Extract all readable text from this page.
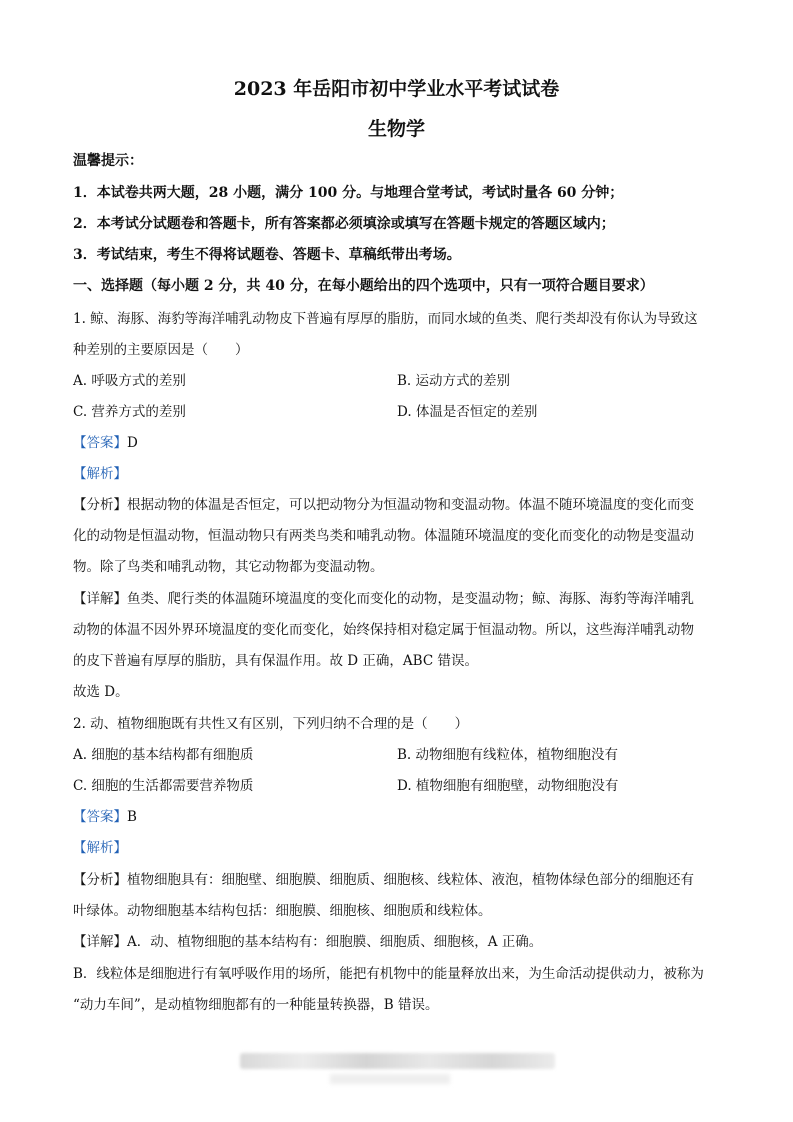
2023 年岳阳市初中学业水平考试试卷
生物学
温馨提示：
1．本试卷共两大题，28 小题，满分 100 分。与地理合堂考试，考试时量各 60 分钟；
2．本考试分试题卷和答题卡，所有答案都必须填涂或填写在答题卡规定的答题区域内；
3．考试结束，考生不得将试题卷、答题卡、草稿纸带出考场。
一、选择题（每小题 2 分，共 40 分，在每小题给出的四个选项中，只有一项符合题目要求）
1. 鲸、海豚、海豹等海洋哺乳动物皮下普遍有厚厚的脂肪，而同水域的鱼类、爬行类却没有你认为导致这
种差别的主要原因是（　　）
A. 呼吸方式的差别	B. 运动方式的差别
C. 营养方式的差别	D. 体温是否恒定的差别
【答案】D
【解析】
【分析】根据动物的体温是否恒定，可以把动物分为恒温动物和变温动物。体温不随环境温度的变化而变
化的动物是恒温动物，恒温动物只有两类鸟类和哺乳动物。体温随环境温度的变化而变化的动物是变温动
物。除了鸟类和哺乳动物，其它动物都为变温动物。
【详解】鱼类、爬行类的体温随环境温度的变化而变化的动物，是变温动物；鲸、海豚、海豹等海洋哺乳
动物的体温不因外界环境温度的变化而变化，始终保持相对稳定属于恒温动物。所以，这些海洋哺乳动物
的皮下普遍有厚厚的脂肪，具有保温作用。故 D 正确，ABC 错误。
故选 D。
2. 动、植物细胞既有共性又有区别，下列归纳不合理的是（　　）
A. 细胞的基本结构都有细胞质	B. 动物细胞有线粒体，植物细胞没有
C. 细胞的生活都需要营养物质	D. 植物细胞有细胞壁，动物细胞没有
【答案】B
【解析】
【分析】植物细胞具有：细胞壁、细胞膜、细胞质、细胞核、线粒体、液泡，植物体绿色部分的细胞还有
叶绿体。动物细胞基本结构包括：细胞膜、细胞核、细胞质和线粒体。
【详解】A．动、植物细胞的基本结构有：细胞膜、细胞质、细胞核，A 正确。
B．线粒体是细胞进行有氧呼吸作用的场所，能把有机物中的能量释放出来，为生命活动提供动力，被称为
“动力车间”，是动植物细胞都有的一种能量转换器，B 错误。
